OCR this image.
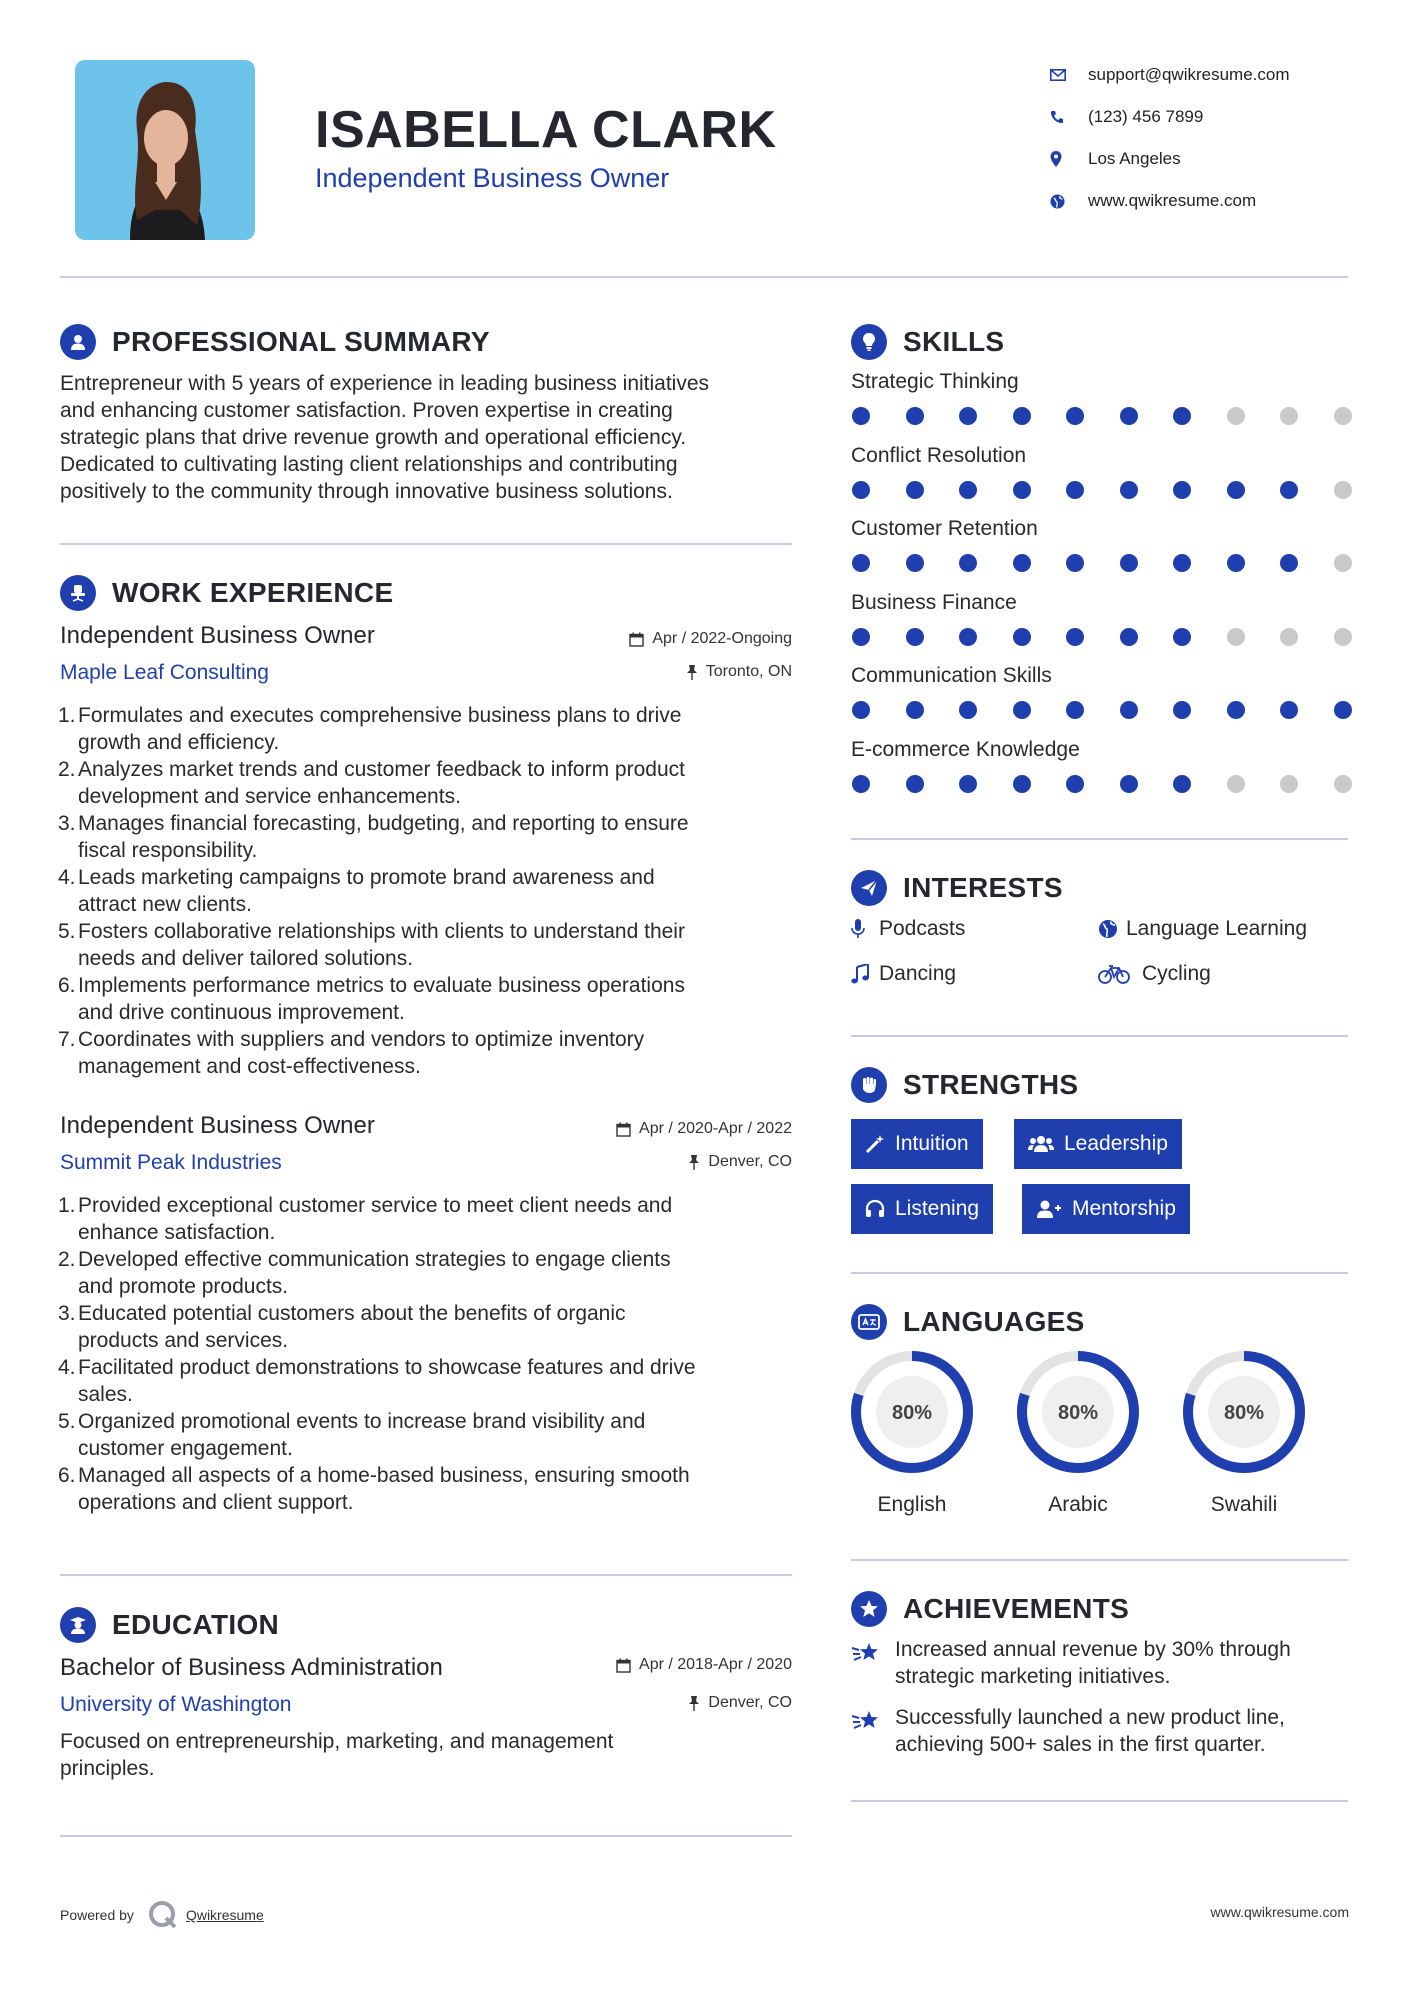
ISABELLA CLARK
Independent Business Owner
support@qwikresume.com
(123) 456 7899
Los Angeles
www.qwikresume.com
PROFESSIONAL SUMMARY
Entrepreneur with 5 years of experience in leading business initiatives
and enhancing customer satisfaction. Proven expertise in creating
strategic plans that drive revenue growth and operational efficiency.
Dedicated to cultivating lasting client relationships and contributing
positively to the community through innovative business solutions.
WORK EXPERIENCE
Independent Business Owner
Maple Leaf Consulting
Apr / 2022-Ongoing
Toronto, ON
1. Formulates and executes comprehensive business plans to drive
growth and efficiency.
2. Analyzes market trends and customer feedback to inform product
development and service enhancements.
3. Manages financial forecasting, budgeting, and reporting to ensure
fiscal responsibility.
4. Leads marketing campaigns to promote brand awareness and
attract new clients.
5. Fosters collaborative relationships with clients to understand their
needs and deliver tailored solutions.
6. Implements performance metrics to evaluate business operations
and drive continuous improvement.
7. Coordinates with suppliers and vendors to optimize inventory
management and cost-effectiveness.
Independent Business Owner
Summit Peak Industries
Apr / 2020-Apr / 2022
Denver, CO
1. Provided exceptional customer service to meet client needs and
enhance satisfaction.
2. Developed effective communication strategies to engage clients
and promote products.
3. Educated potential customers about the benefits of organic
products and services.
4. Facilitated product demonstrations to showcase features and drive
sales.
5. Organized promotional events to increase brand visibility and
customer engagement.
6. Managed all aspects of a home-based business, ensuring smooth
operations and client support.
EDUCATION
Bachelor of Business Administration
University of Washington
Apr / 2018-Apr / 2020
Denver, CO
Focused on entrepreneurship, marketing, and management
principles.
SKILLS
Strategic Thinking
Conflict Resolution
Customer Retention
Business Finance
Communication Skills
E-commerce Knowledge
INTERESTS
Podcasts	Language Learning
Dancing	Cycling
STRENGTHS
Intuition	Leadership
Listening	Mentorship
LANGUAGES
80%
English
80%
Arabic
80%
Swahili
ACHIEVEMENTS
Increased annual revenue by 30% through
strategic marketing initiatives.
Successfully launched a new product line,
achieving 500+ sales in the first quarter.
Powered by	Qwikresume	www.qwikresume.com
